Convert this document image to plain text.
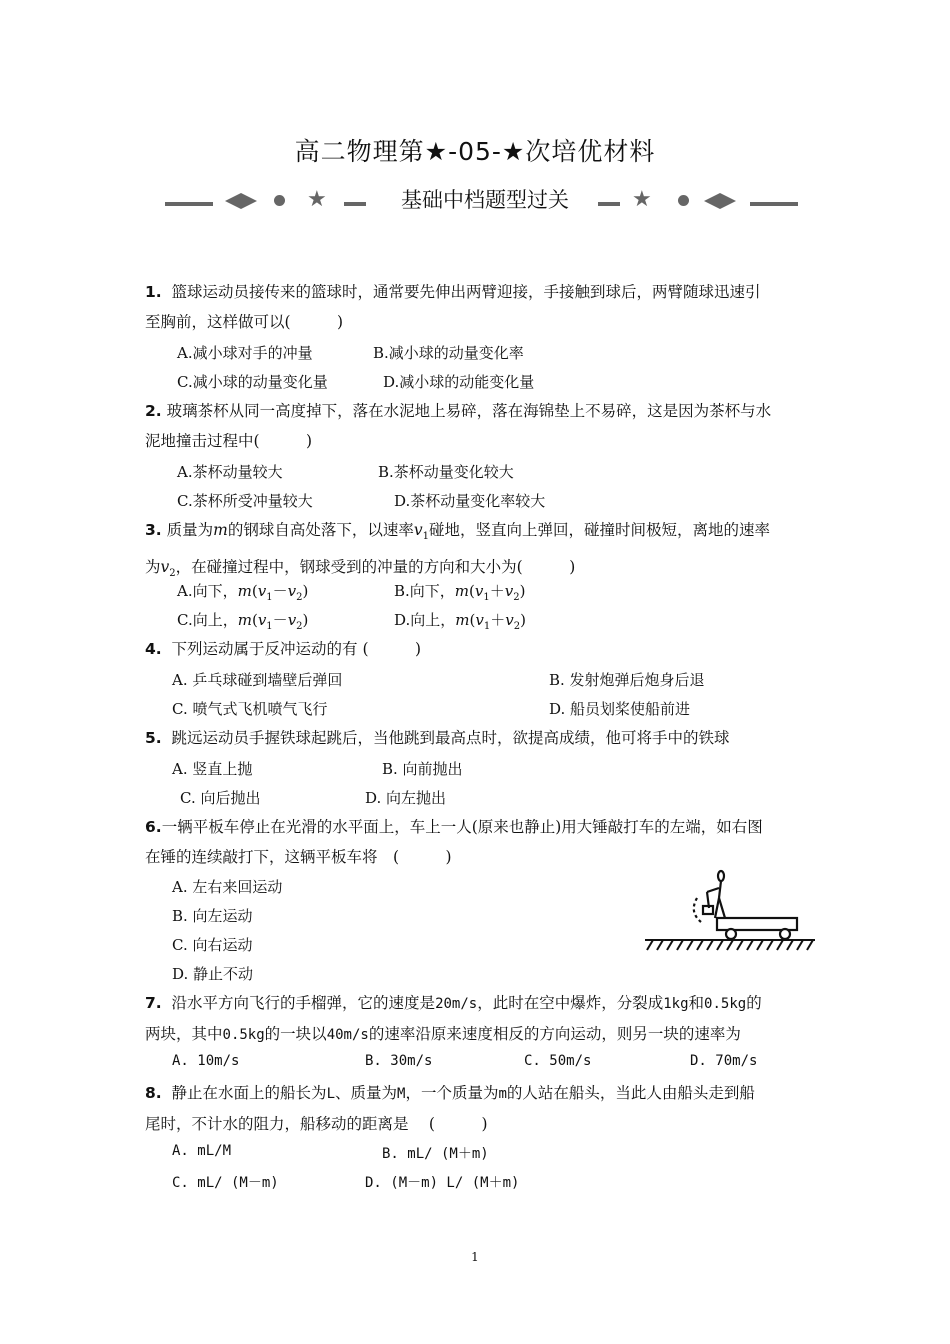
高二物理第★-05-★次培优材料
★	基础中档题型过关	★
1. 篮球运动员接传来的篮球时，通常要先伸出两臂迎接，手接触到球后，两臂随球迅速引
至胸前，这样做可以(　　　)
A.减小球对手的冲量	B.减小球的动量变化率
C.减小球的动量变化量	D.减小球的动能变化量
2. 玻璃茶杯从同一高度掉下，落在水泥地上易碎，落在海锦垫上不易碎，这是因为茶杯与水
泥地撞击过程中(　　　)
A.茶杯动量较大	B.茶杯动量变化较大
C.茶杯所受冲量较大	D.茶杯动量变化率较大
3. 质量为m的钢球自高处落下，以速率$v_1$碰地，竖直向上弹回，碰撞时间极短，离地的速率
为$v_2$，在碰撞过程中，钢球受到的冲量的方向和大小为(　　　)
A.向下，$m(v_1-v_2)$	B.向下，$m(v_1+v_2)$
C.向上，$m(v_1-v_2)$	D.向上，$m(v_1+v_2)$
4. 下列运动属于反冲运动的有 (　　　)
A. 乒乓球碰到墙壁后弹回	B. 发射炮弹后炮身后退
C. 喷气式飞机喷气飞行	D. 船员划桨使船前进
5. 跳远运动员手握铁球起跳后，当他跳到最高点时，欲提高成绩，他可将手中的铁球
A. 竖直上抛	B. 向前抛出
C. 向后抛出	D. 向左抛出
6.一辆平板车停止在光滑的水平面上，车上一人(原来也静止)用大锤敲打车的左端，如右图
在锤的连续敲打下，这辆平板车将　(　　　)
A. 左右来回运动
B. 向左运动
C. 向右运动
D. 静止不动
7. 沿水平方向飞行的手榴弹，它的速度是20m/s，此时在空中爆炸，分裂成1kg和0.5kg的
两块，其中0.5kg的一块以40m/s的速率沿原来速度相反的方向运动，则另一块的速率为
A. 10m/s	B. 30m/s	C. 50m/s	D. 70m/s
8. 静止在水面上的船长为L、质量为M，一个质量为m的人站在船头，当此人由船头走到船
尾时，不计水的阻力，船移动的距离是　 (　　　)
A. mL/M	B. mL/ (M＋m)
C. mL/ (M－m)	D. (M－m) L/ (M＋m)
1
